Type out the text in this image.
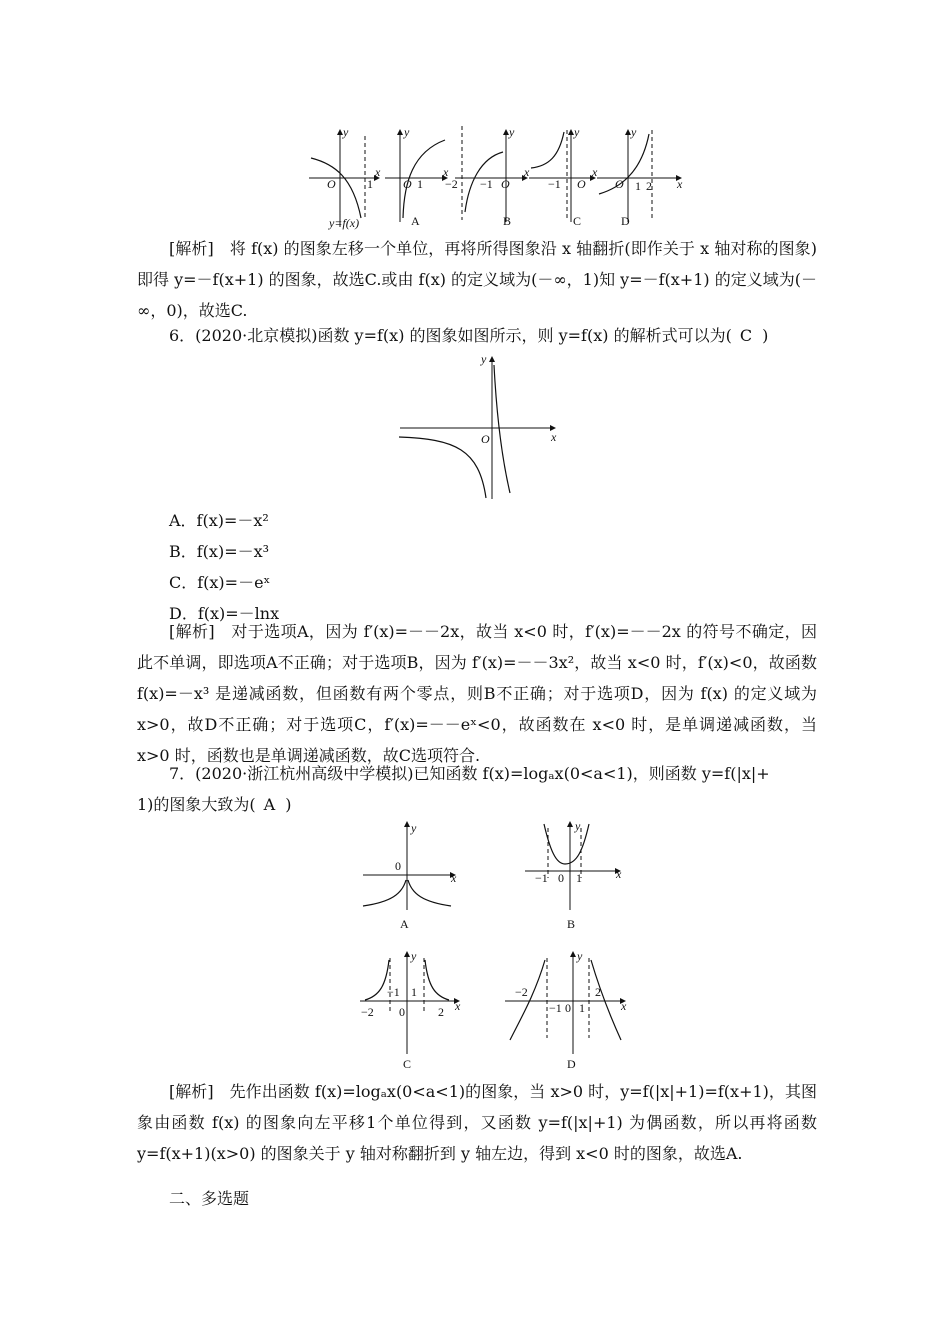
y
x
O	1
y=f(x)
y
x
O 1
A
y
x
−2 −1 O
B
y
x
−1 O
C
y
x
O 1 2
D
[解析]　将 f(x) 的图象左移一个单位，再将所得图象沿 x 轴翻折(即作关于 x 轴对称的图象)即得 y=－f(x+1) 的图象，故选C.或由 f(x) 的定义域为(－∞，1)知 y=－f(x+1) 的定义域为(－∞，0)，故选C.
6．(2020·北京模拟)函数 y=f(x) 的图象如图所示，则 y=f(x) 的解析式可以为( C )
y
x
O
A．f(x)=－x²
B．f(x)=－x³
C．f(x)=－eˣ
D．f(x)=－lnx
[解析]　对于选项A，因为 f′(x)=－－2x，故当 x<0 时，f′(x)=－－2x 的符号不确定，因此不单调，即选项A不正确；对于选项B，因为 f′(x)=－－3x²，故当 x<0 时，f′(x)<0，故函数 f(x)=－x³ 是递减函数，但函数有两个零点，则B不正确；对于选项D，因为 f(x) 的定义域为 x>0，故D不正确；对于选项C，f′(x)=－－eˣ<0，故函数在 x<0 时，是单调递减函数，当 x>0 时，函数也是单调递减函数，故C选项符合.
7．(2020·浙江杭州高级中学模拟)已知函数 f(x)=logₐx(0<a<1)，则函数 y=f(|x|+
1)的图象大致为( A )
y
x
0
A
y
x
−1 0 1
B
y
x
−2
−1
0
1
2
C
y
x
−2
−1 0 1
2
D
[解析]　先作出函数 f(x)=logₐx(0<a<1)的图象，当 x>0 时，y=f(|x|+1)=f(x+1)，其图象由函数 f(x) 的图象向左平移1个单位得到，又函数 y=f(|x|+1) 为偶函数，所以再将函数 y=f(x+1)(x>0) 的图象关于 y 轴对称翻折到 y 轴左边，得到 x<0 时的图象，故选A.
二、多选题
